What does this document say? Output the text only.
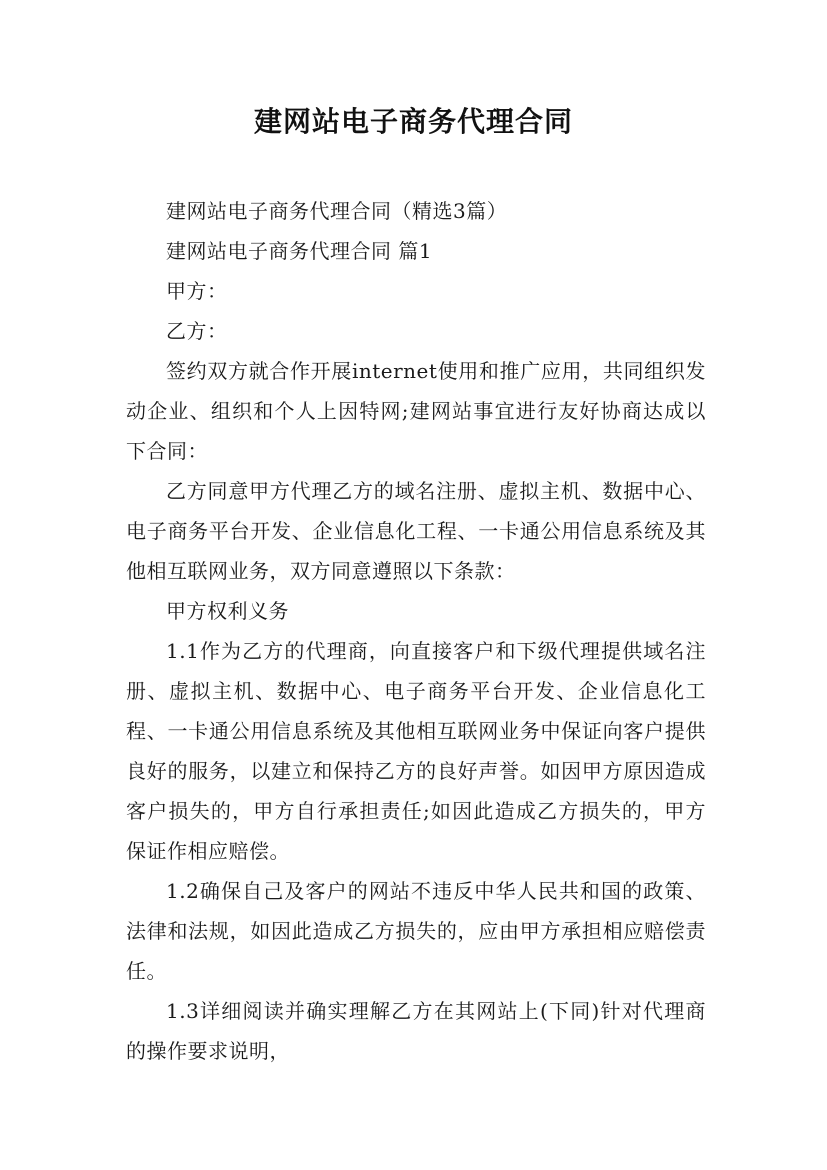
建网站电子商务代理合同

建网站电子商务代理合同（精选3篇）

建网站电子商务代理合同 篇1

甲方：

乙方：

签约双方就合作开展internet使用和推广应用，共同组织发动企业、组织和个人上因特网;建网站事宜进行友好协商达成以下合同：

乙方同意甲方代理乙方的域名注册、虚拟主机、数据中心、电子商务平台开发、企业信息化工程、一卡通公用信息系统及其他相互联网业务，双方同意遵照以下条款：

甲方权利义务

1.1作为乙方的代理商，向直接客户和下级代理提供域名注册、虚拟主机、数据中心、电子商务平台开发、企业信息化工程、一卡通公用信息系统及其他相互联网业务中保证向客户提供良好的服务，以建立和保持乙方的良好声誉。如因甲方原因造成客户损失的，甲方自行承担责任;如因此造成乙方损失的，甲方保证作相应赔偿。

1.2确保自己及客户的网站不违反中华人民共和国的政策、法律和法规，如因此造成乙方损失的，应由甲方承担相应赔偿责任。

1.3详细阅读并确实理解乙方在其网站上(下同)针对代理商的操作要求说明，
